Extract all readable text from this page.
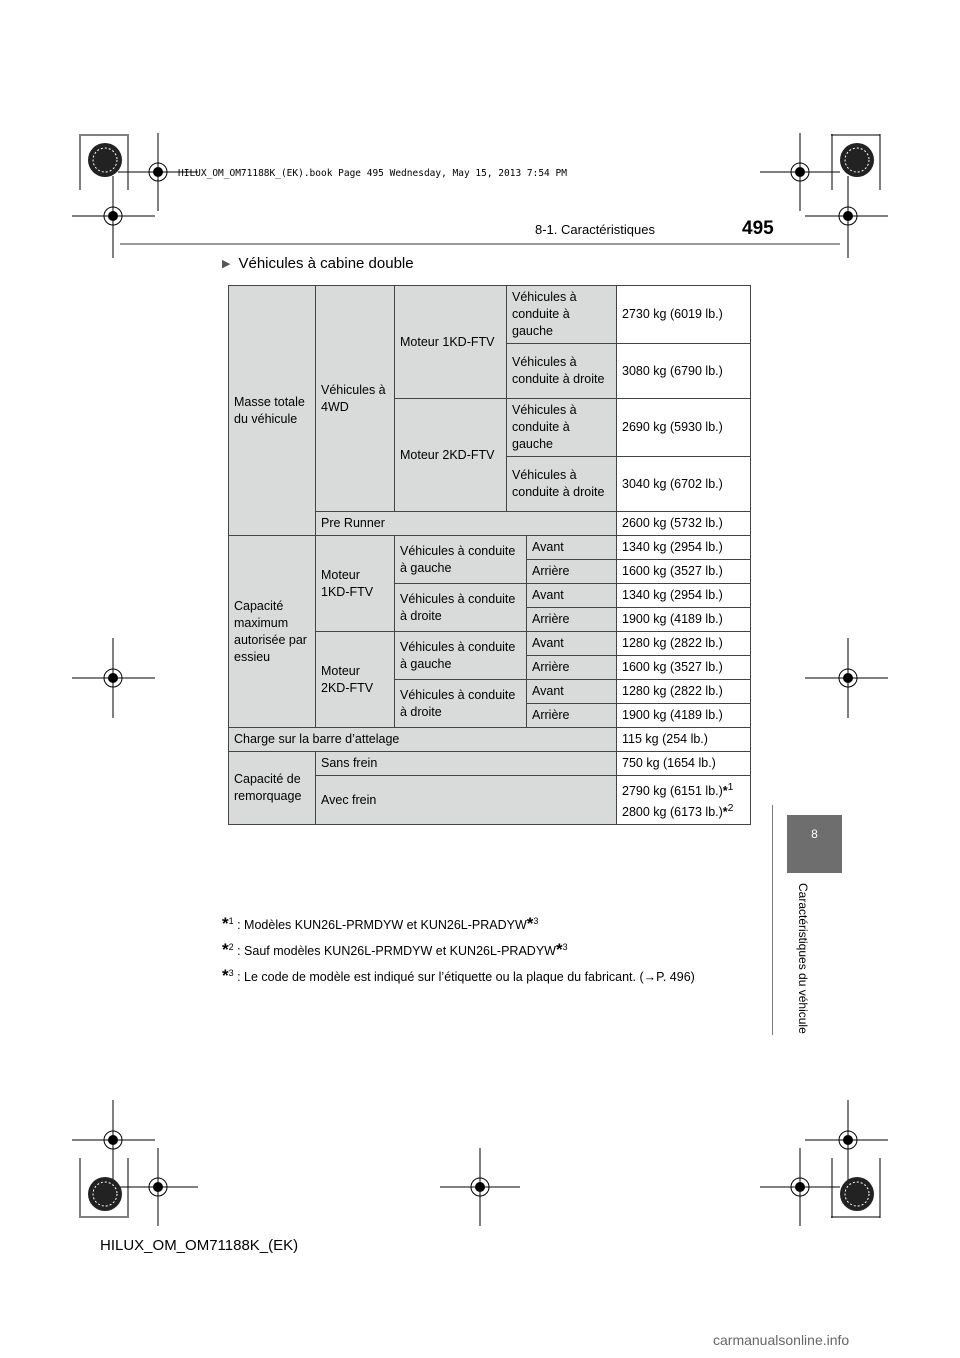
HILUX_OM_OM71188K_(EK).book Page 495 Wednesday, May 15, 2013 7:54 PM
8-1. Caractéristiques	495
8
Caractéristiques du véhicule
▶ Véhicules à cabine double
Masse totale du véhicule	Véhicules à 4WD	Moteur 1KD-FTV	Véhicules à conduite à gauche		2730 kg (6019 lb.)
			Véhicules à conduite à droite		3080 kg (6790 lb.)
		Moteur 2KD-FTV	Véhicules à conduite à gauche		2690 kg (5930 lb.)
			Véhicules à conduite à droite		3040 kg (6702 lb.)
	Pre Runner				2600 kg (5732 lb.)
Capacité maximum autorisée par essieu	Moteur 1KD-FTV	Véhicules à conduite à gauche		Avant	1340 kg (2954 lb.)
				Arrière	1600 kg (3527 lb.)
		Véhicules à conduite à droite		Avant	1340 kg (2954 lb.)
				Arrière	1900 kg (4189 lb.)
	Moteur 2KD-FTV	Véhicules à conduite à gauche		Avant	1280 kg (2822 lb.)
				Arrière	1600 kg (3527 lb.)
		Véhicules à conduite à droite		Avant	1280 kg (2822 lb.)
				Arrière	1900 kg (4189 lb.)
Charge sur la barre d’attelage					115 kg (254 lb.)
Capacité de remorquage	Sans frein				750 kg (1654 lb.)
	Avec frein				2790 kg (6151 lb.)*$^1$
2800 kg (6173 lb.)*$^2$
*$^1$ : Modèles KUN26L-PRMDYW et KUN26L-PRADYW*$^3$
*$^2$ : Sauf modèles KUN26L-PRMDYW et KUN26L-PRADYW*$^3$
*$^3$ : Le code de modèle est indiqué sur l’étiquette ou la plaque du fabricant. (→P. 496)
HILUX_OM_OM71188K_(EK)
carmanualsonline.info
